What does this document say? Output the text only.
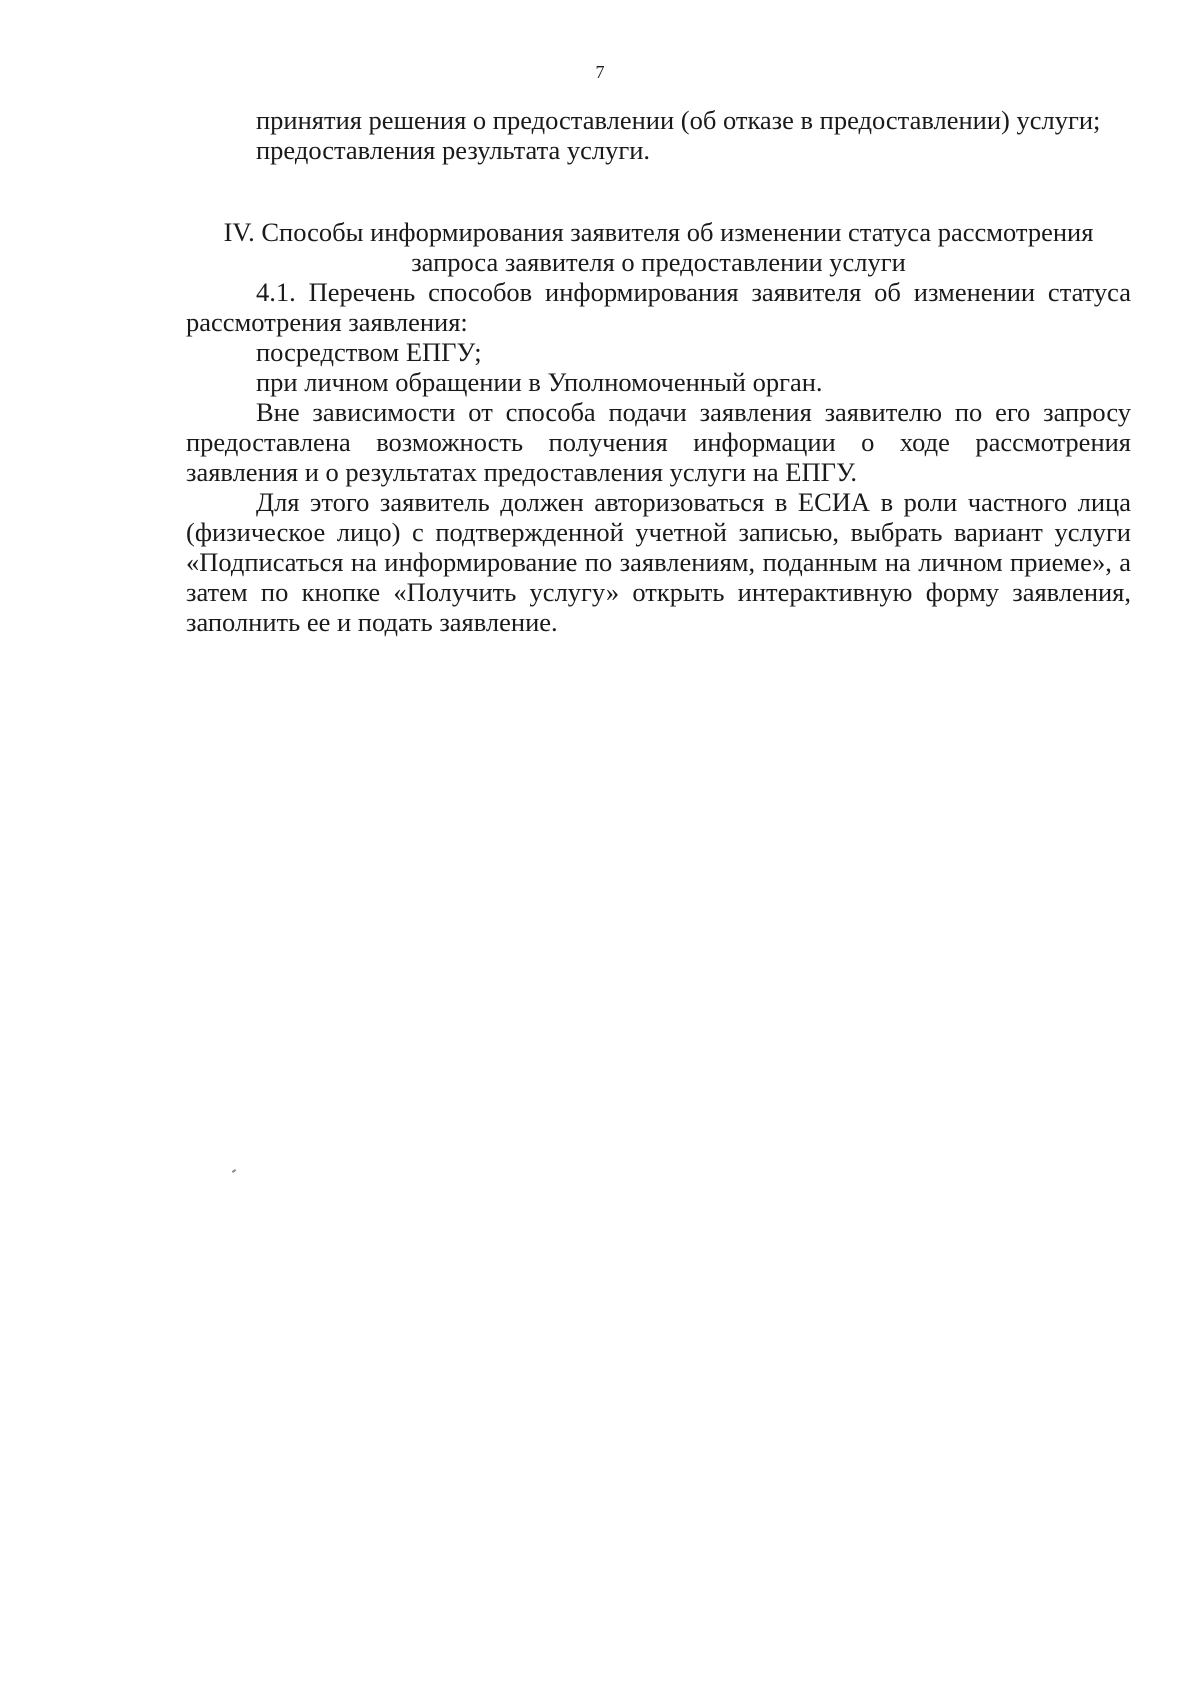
7

принятия решения о предоставлении (об отказе в предоставлении) услуги;

предоставления результата услуги.

IV. Способы информирования заявителя об изменении статуса рассмотрения
запроса заявителя о предоставлении услуги

4.1. Перечень способов информирования заявителя об изменении статуса рассмотрения заявления:

посредством ЕПГУ;

при личном обращении в Уполномоченный орган.

Вне зависимости от способа подачи заявления заявителю по его запросу предоставлена возможность получения информации о ходе рассмотрения заявления и о результатах предоставления услуги на ЕПГУ.

Для этого заявитель должен авторизоваться в ЕСИА в роли частного лица (физическое лицо) с подтвержденной учетной записью, выбрать вариант услуги «Подписаться на информирование по заявлениям, поданным на личном приеме», а затем по кнопке «Получить услугу» открыть интерактивную форму заявления, заполнить ее и подать заявление.
